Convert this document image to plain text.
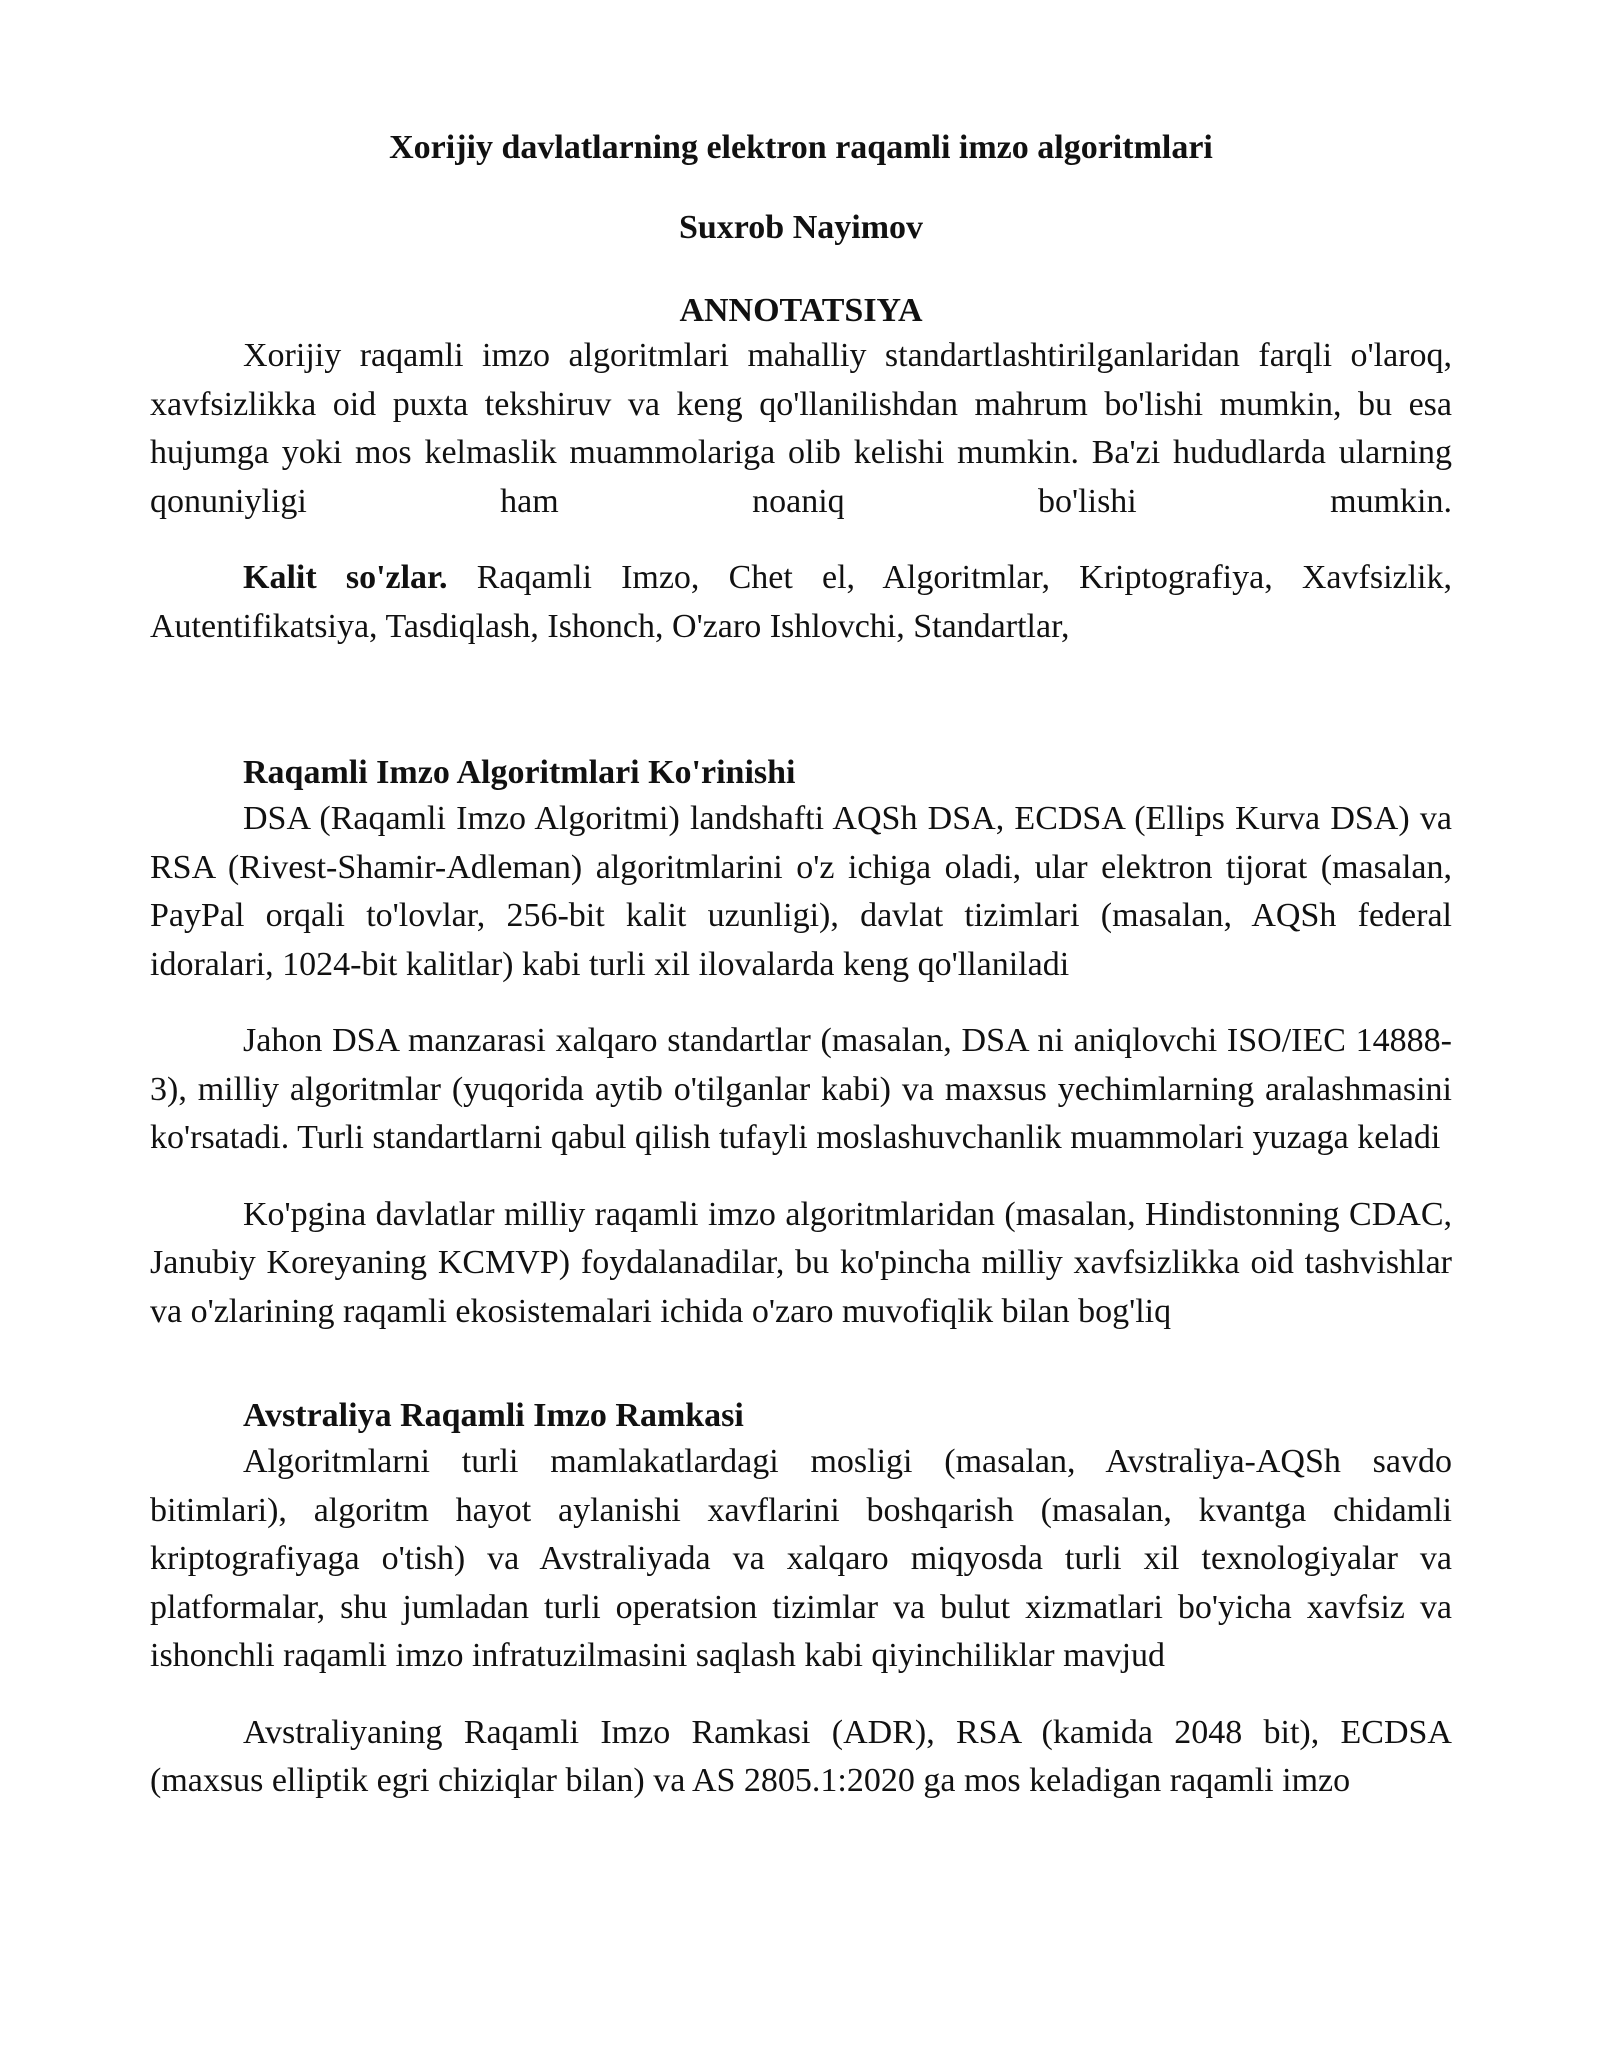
Xorijiy davlatlarning elektron raqamli imzo algoritmlari
Suxrob Nayimov
ANNOTATSIYA

Xorijiy raqamli imzo algoritmlari mahalliy standartlashtirilganlaridan farqli o'laroq, xavfsizlikka oid puxta tekshiruv va keng qo'llanilishdan mahrum bo'lishi mumkin, bu esa hujumga yoki mos kelmaslik muammolariga olib kelishi mumkin. Ba'zi hududlarda ularning qonuniyligi ham noaniq bo'lishi mumkin.

Kalit so'zlar. Raqamli Imzo, Chet el, Algoritmlar, Kriptografiya, Xavfsizlik, Autentifikatsiya, Tasdiqlash, Ishonch, O'zaro Ishlovchi, Standartlar,

Raqamli Imzo Algoritmlari Ko'rinishi

DSA (Raqamli Imzo Algoritmi) landshafti AQSh DSA, ECDSA (Ellips Kurva DSA) va RSA (Rivest-Shamir-Adleman) algoritmlarini o'z ichiga oladi, ular elektron tijorat (masalan, PayPal orqali to'lovlar, 256-bit kalit uzunligi), davlat tizimlari (masalan, AQSh federal idoralari, 1024-bit kalitlar) kabi turli xil ilovalarda keng qo'llaniladi

Jahon DSA manzarasi xalqaro standartlar (masalan, DSA ni aniqlovchi ISO/IEC 14888-3), milliy algoritmlar (yuqorida aytib o'tilganlar kabi) va maxsus yechimlarning aralashmasini ko'rsatadi. Turli standartlarni qabul qilish tufayli moslashuvchanlik muammolari yuzaga keladi

Ko'pgina davlatlar milliy raqamli imzo algoritmlaridan (masalan, Hindistonning CDAC, Janubiy Koreyaning KCMVP) foydalanadilar, bu ko'pincha milliy xavfsizlikka oid tashvishlar va o'zlarining raqamli ekosistemalari ichida o'zaro muvofiqlik bilan bog'liq

Avstraliya Raqamli Imzo Ramkasi

Algoritmlarni turli mamlakatlardagi mosligi (masalan, Avstraliya-AQSh savdo bitimlari), algoritm hayot aylanishi xavflarini boshqarish (masalan, kvantga chidamli kriptografiyaga o'tish) va Avstraliyada va xalqaro miqyosda turli xil texnologiyalar va platformalar, shu jumladan turli operatsion tizimlar va bulut xizmatlari bo'yicha xavfsiz va ishonchli raqamli imzo infratuzilmasini saqlash kabi qiyinchiliklar mavjud

Avstraliyaning Raqamli Imzo Ramkasi (ADR), RSA (kamida 2048 bit), ECDSA (maxsus elliptik egri chiziqlar bilan) va AS 2805.1:2020 ga mos keladigan raqamli imzo
